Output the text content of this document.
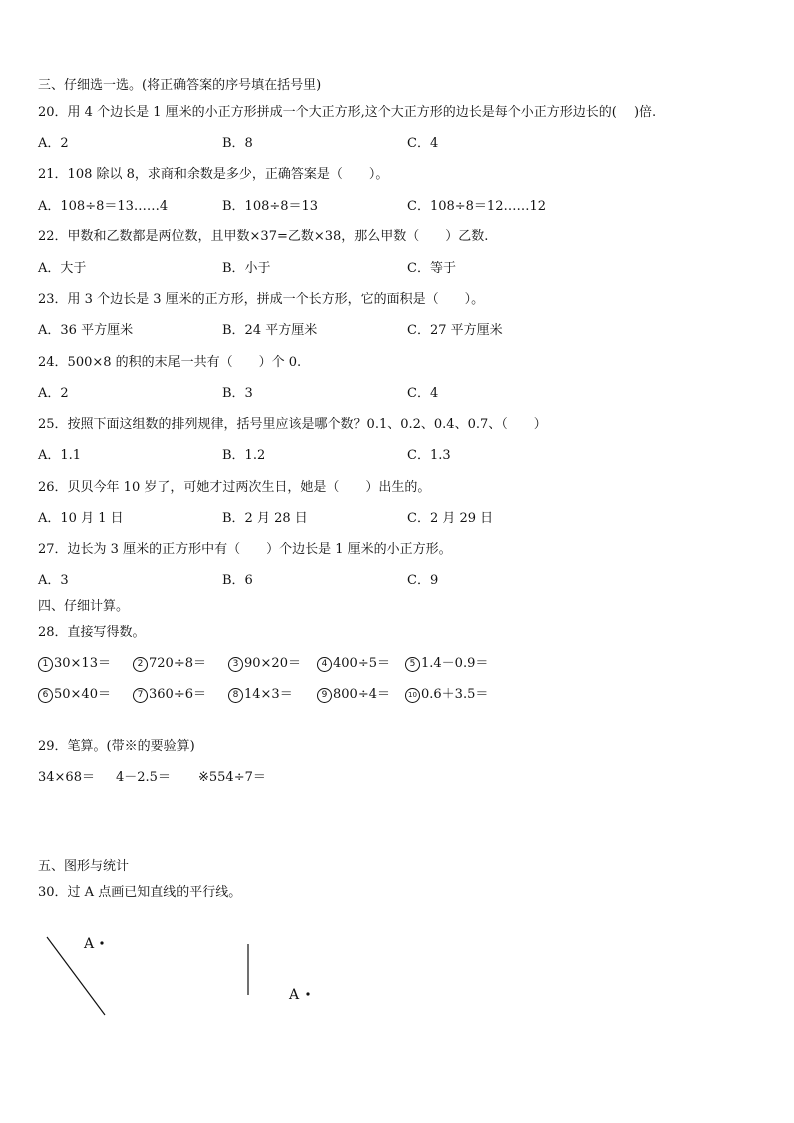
三、仔细选一选。(将正确答案的序号填在括号里)
20．用 4 个边长是 1 厘米的小正方形拼成一个大正方形,这个大正方形的边长是每个小正方形边长的(　 )倍.
A．2	B．8	C．4
21．108 除以 8，求商和余数是多少，正确答案是（　　）。
A．108÷8＝13……4	B．108÷8＝13	C．108÷8＝12……12
22．甲数和乙数都是两位数，且甲数×37=乙数×38，那么甲数（　　）乙数.
A．大于	B．小于	C．等于
23．用 3 个边长是 3 厘米的正方形，拼成一个长方形，它的面积是（　　）。
A．36 平方厘米	B．24 平方厘米	C．27 平方厘米
24．500×8 的积的末尾一共有（　　）个 0.
A．2	B．3	C．4
25．按照下面这组数的排列规律，括号里应该是哪个数？0.1、0.2、0.4、0.7、（　　）
A．1.1	B．1.2	C．1.3
26．贝贝今年 10 岁了，可她才过两次生日，她是（　　）出生的。
A．10 月 1 日	B．2 月 28 日	C．2 月 29 日
27．边长为 3 厘米的正方形中有（　　）个边长是 1 厘米的小正方形。
A．3	B．6	C．9
四、仔细计算。
28．直接写得数。
1 30×13＝	2 720÷8＝	3 90×20＝	4 400÷5＝	5 1.4－0.9＝
6 50×40＝	7 360÷6＝	8 14×3＝	9 800÷4＝	10 0.6＋3.5＝
29．笔算。(带※的要验算)
34×68＝ 4－2.5＝ ※554÷7＝
五、图形与统计
30．过 A 点画已知直线的平行线。
A
A
